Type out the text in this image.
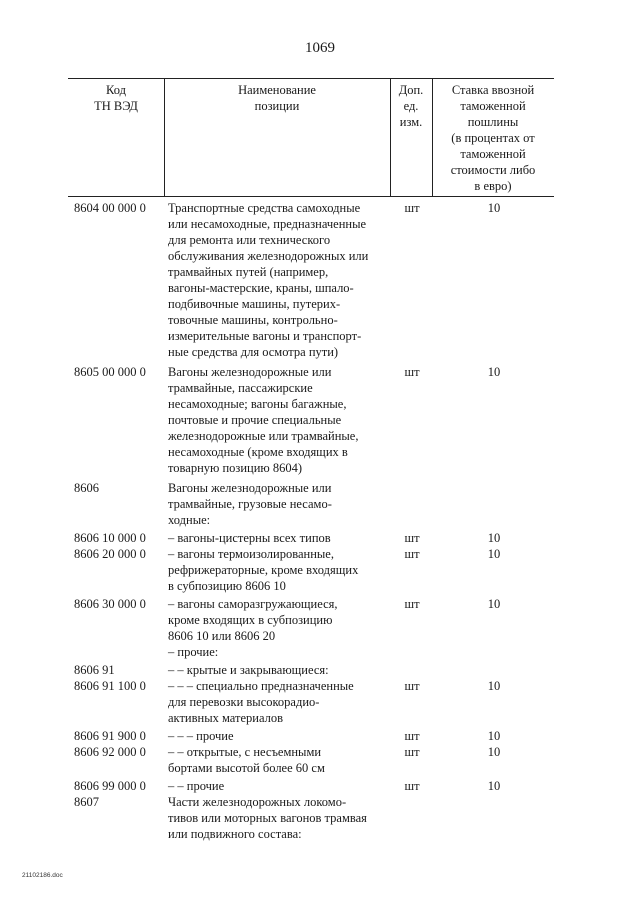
1069
Код
ТН ВЭД
Наименование
позиции
Доп.
ед.
изм.
Ставка ввозной
таможенной
пошлины
(в процентах от
таможенной
стоимости либо
в евро)
8604 00 000 0	Транспортные средства самоходные
или несамоходные, предназначенные
для ремонта или технического
обслуживания железнодорожных или
трамвайных путей (например,
вагоны-мастерские, краны, шпало-
подбивочные машины, путерих-
товочные машины, контрольно-
измерительные вагоны и транспорт-
ные средства для осмотра пути)
шт	10
8605 00 000 0	Вагоны железнодорожные или
трамвайные, пассажирские
несамоходные; вагоны багажные,
почтовые и прочие специальные
железнодорожные или трамвайные,
несамоходные (кроме входящих в
товарную позицию 8604)
шт	10
8606	Вагоны железнодорожные или
трамвайные, грузовые несамо-
ходные:
8606 10 000 0	– вагоны-цистерны всех типов	шт	10
8606 20 000 0	– вагоны термоизолированные,
рефрижераторные, кроме входящих
в субпозицию 8606 10
шт	10
8606 30 000 0	– вагоны саморазгружающиеся,
кроме входящих в субпозицию
8606 10 или 8606 20
шт	10
– прочие:
8606 91	– – крытые и закрывающиеся:
8606 91 100 0	– – – специально предназначенные
для перевозки высокорадио-
активных материалов
шт	10
8606 91 900 0	– – – прочие	шт	10
8606 92 000 0	– – открытые, с несъемными
бортами высотой более 60 см
шт	10
8606 99 000 0	– – прочие	шт	10
8607	Части железнодорожных локомо-
тивов или моторных вагонов трамвая
или подвижного состава:
21102186.doc
